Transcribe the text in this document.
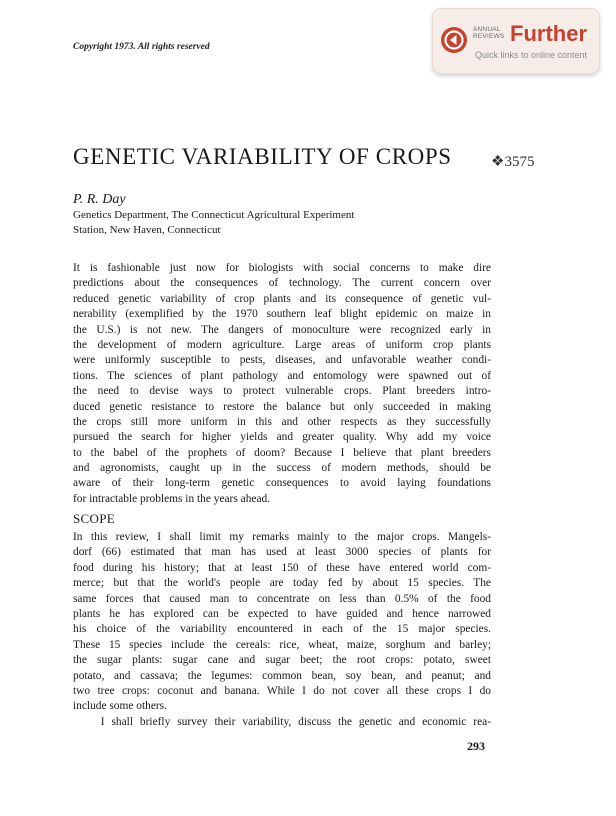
Copyright 1973. All rights reserved
ANNUAL
REVIEWS Further
Quick links to online content
GENETIC VARIABILITY OF CROPS	❖3575
P. R. Day
Genetics Department, The Connecticut Agricultural Experiment
Station, New Haven, Connecticut
It is fashionable just now for biologists with social concerns to make dire
predictions about the consequences of technology. The current concern over
reduced genetic variability of crop plants and its consequence of genetic vul-
nerability (exemplified by the 1970 southern leaf blight epidemic on maize in
the U.S.) is not new. The dangers of monoculture were recognized early in
the development of modern agriculture. Large areas of uniform crop plants
were uniformly susceptible to pests, diseases, and unfavorable weather condi-
tions. The sciences of plant pathology and entomology were spawned out of
the need to devise ways to protect vulnerable crops. Plant breeders intro-
duced genetic resistance to restore the balance but only succeeded in making
the crops still more uniform in this and other respects as they successfully
pursued the search for higher yields and greater quality. Why add my voice
to the babel of the prophets of doom? Because I believe that plant breeders
and agronomists, caught up in the success of modern methods, should be
aware of their long-term genetic consequences to avoid laying foundations
for intractable problems in the years ahead.
SCOPE
In this review, I shall limit my remarks mainly to the major crops. Mangels-
dorf (66) estimated that man has used at least 3000 species of plants for
food during his history; that at least 150 of these have entered world com-
merce; but that the world's people are today fed by about 15 species. The
same forces that caused man to concentrate on less than 0.5% of the food
plants he has explored can be expected to have guided and hence narrowed
his choice of the variability encountered in each of the 15 major species.
These 15 species include the cereals: rice, wheat, maize, sorghum and barley;
the sugar plants: sugar cane and sugar beet; the root crops: potato, sweet
potato, and cassava; the legumes: common bean, soy bean, and peanut; and
two tree crops: coconut and banana. While I do not cover all these crops I do
include some others.
I shall briefly survey their variability, discuss the genetic and economic rea-
293
